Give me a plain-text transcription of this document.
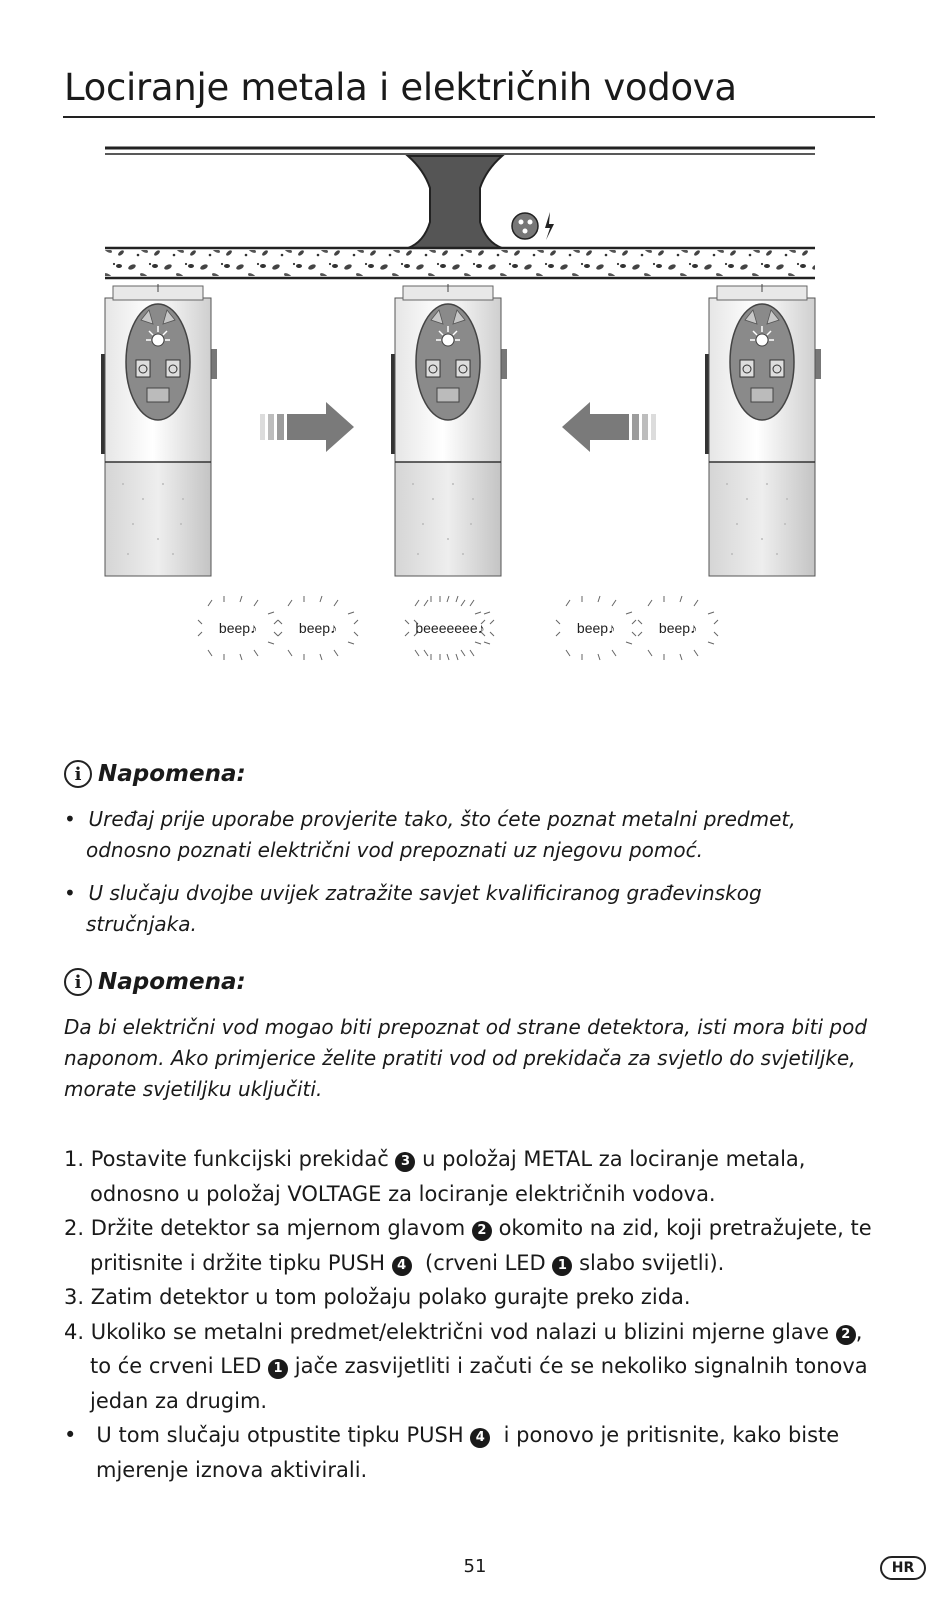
Lociranje metala i električnih vodova
beep♪	beep♪	beeeeeee♪	beep♪	beep♪
i Napomena:
•  Uređaj prije uporabe provjerite tako, što ćete poznat metalni predmet, odnosno poznati električni vod prepoznati uz njegovu pomoć.
•  U slučaju dvojbe uvijek zatražite savjet kvalificiranog građevinskog stručnjaka.
i Napomena:
Da bi električni vod mogao biti prepoznat od strane detektora, isti mora biti pod naponom. Ako primjerice želite pratiti vod od prekidača za svjetlo do svjetiljke, morate svjetiljku uključiti.
1. Postavite funkcijski prekidač 3 u položaj METAL za lociranje metala, odnosno u položaj VOLTAGE za lociranje električnih vodova.
2. Držite detektor sa mjernom glavom 2 okomito na zid, koji pretražujete, te pritisnite i držite tipku PUSH 4 (crveni LED 1 slabo svijetli).
3. Zatim detektor u tom položaju polako gurajte preko zida.
4. Ukoliko se metalni predmet/električni vod nalazi u blizini mjerne glave 2 , to će crveni LED 1 jače zasvijetliti i začuti će se nekoliko signalnih tonova jedan za drugim.
• U tom slučaju otpustite tipku PUSH 4 i ponovo je pritisnite, kako biste mjerenje iznova aktivirali.
51	HR
